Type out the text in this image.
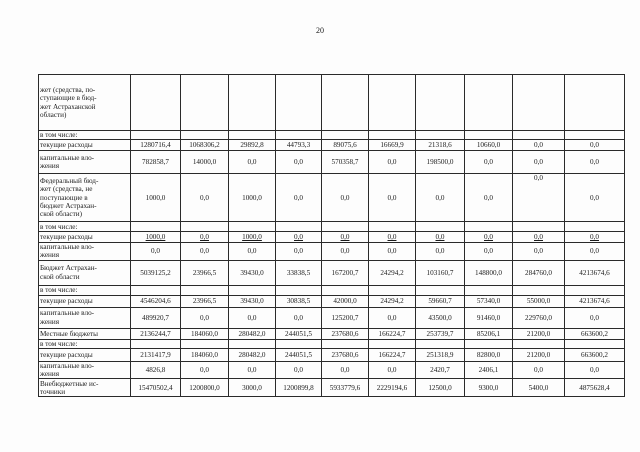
20
жет (средства, по-
ступающие в бюд-
жет Астраханской
области)										
в том числе:										
текущие расходы	1280716,4	1068306,2	29892,8	44793,3	89075,6	16669,9	21318,6	10660,0	0,0	0,0
капитальные вло-
жения	782858,7	14000,0	0,0	0,0	570358,7	0,0	198500,0	0,0	0,0	0,0
Федеральный бюд-
жет (средства, не
поступающие в
бюджет Астрахан-
ской области)	1000,0	0,0	1000,0	0,0	0,0	0,0	0,0	0,0	0,0	0,0
в том числе:										
текущие расходы	1000,0	0,0	1000,0	0,0	0,0	0,0	0,0	0,0	0,0	0,0
капитальные вло-
жения	0,0	0,0	0,0	0,0	0,0	0,0	0,0	0,0	0,0	0,0
Бюджет Астрахан-
ской области	5039125,2	23966,5	39430,0	33838,5	167200,7	24294,2	103160,7	148800,0	284760,0	4213674,6
в том числе:										
текущие расходы	4546204,6	23966,5	39430,0	30838,5	42000,0	24294,2	59660,7	57340,0	55000,0	4213674,6
капитальные вло-
жения	489920,7	0,0	0,0	0,0	125200,7	0,0	43500,0	91460,0	229760,0	0,0
Местные бюджеты	2136244,7	184060,0	280482,0	244051,5	237680,6	166224,7	253739,7	85206,1	21200,0	663600,2
в том числе:										
текущие расходы	2131417,9	184060,0	280482,0	244051,5	237680,6	166224,7	251318,9	82800,0	21200,0	663600,2
капитальные вло-
жения	4826,8	0,0	0,0	0,0	0,0	0,0	2420,7	2406,1	0,0	0,0
Внебюджетные ис-
точники	15470502,4	1200800,0	3000,0	1200899,8	5933779,6	2229194,6	12500,0	9300,0	5400,0	4875628,4
